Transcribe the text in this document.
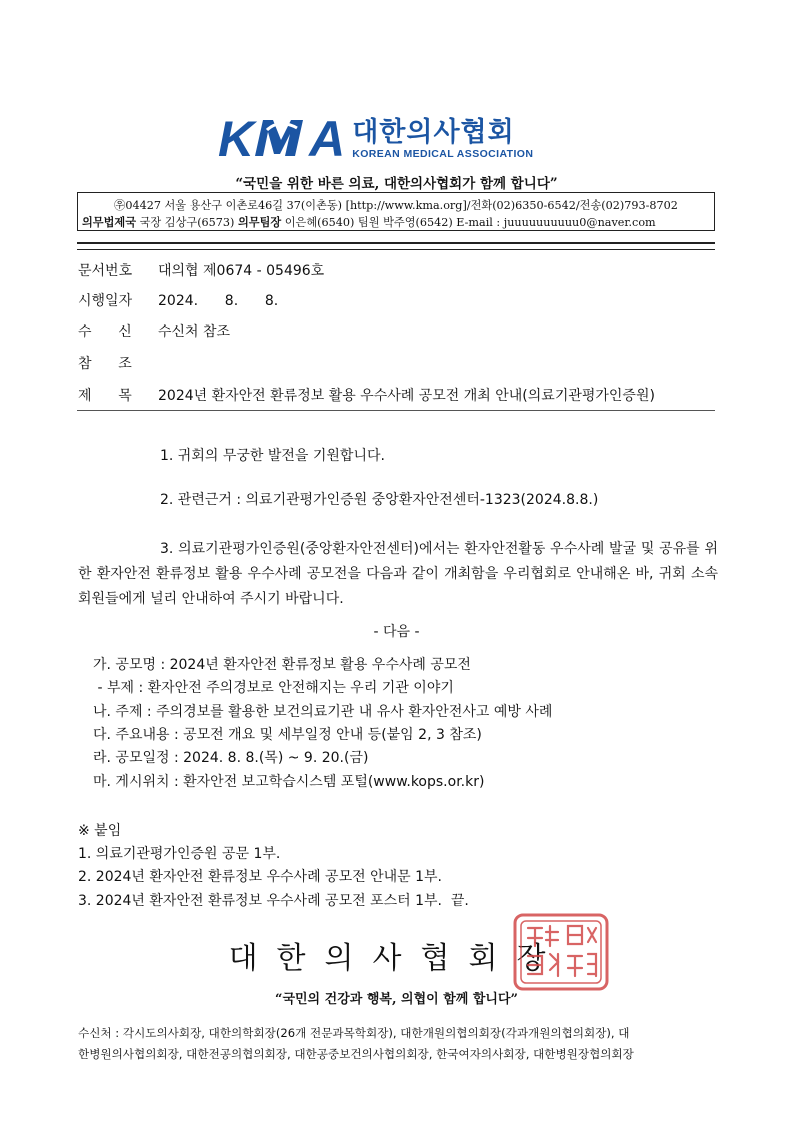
K A 대한의사협회
KOREAN MEDICAL ASSOCIATION
“국민을 위한 바른 의료, 대한의사협회가 함께 합니다”
㉾04427 서울 용산구 이촌로46길 37(이촌동) [http://www.kma.org]/전화(02)6350-6542/전송(02)793-8702
의무법제국 국장 김상구(6573) 의무팀장 이은혜(6540) 팀원 박주영(6542) E-mail : juuuuuuuuuu0@naver.com
문서번호 대의협 제0674 - 05496호
시행일자 2024.      8.      8.
수      신 수신처 참조
참      조
제      목 2024년 환자안전 환류정보 활용 우수사례 공모전 개최 안내(의료기관평가인증원)
1. 귀회의 무궁한 발전을 기원합니다.
2. 관련근거 : 의료기관평가인증원 중앙환자안전센터-1323(2024.8.8.)
3. 의료기관평가인증원(중앙환자안전센터)에서는 환자안전활동 우수사례 발굴 및 공유를 위한 환자안전 환류정보 활용 우수사례 공모전을 다음과 같이 개최함을 우리협회로 안내해온 바, 귀회 소속회원들에게 널리 안내하여 주시기 바랍니다.
- 다음 -
가. 공모명 : 2024년 환자안전 환류정보 활용 우수사례 공모전
- 부제 : 환자안전 주의경보로 안전해지는 우리 기관 이야기
나. 주제 : 주의경보를 활용한 보건의료기관 내 유사 환자안전사고 예방 사례
다. 주요내용 : 공모전 개요 및 세부일정 안내 등(붙임 2, 3 참조)
라. 공모일정 : 2024. 8. 8.(목) ~ 9. 20.(금)
마. 게시위치 : 환자안전 보고학습시스템 포털(www.kops.or.kr)
※ 붙임
1. 의료기관평가인증원 공문 1부.
2. 2024년 환자안전 환류정보 우수사례 공모전 안내문 1부.
3. 2024년 환자안전 환류정보 우수사례 공모전 포스터 1부.  끝.
대한의사협회장
“국민의 건강과 행복, 의협이 함께 합니다”
수신처 : 각시도의사회장, 대한의학회장(26개 전문과목학회장), 대한개원의협의회장(각과개원의협의회장), 대
한병원의사협의회장, 대한전공의협의회장, 대한공중보건의사협의회장, 한국여자의사회장, 대한병원장협의회장
